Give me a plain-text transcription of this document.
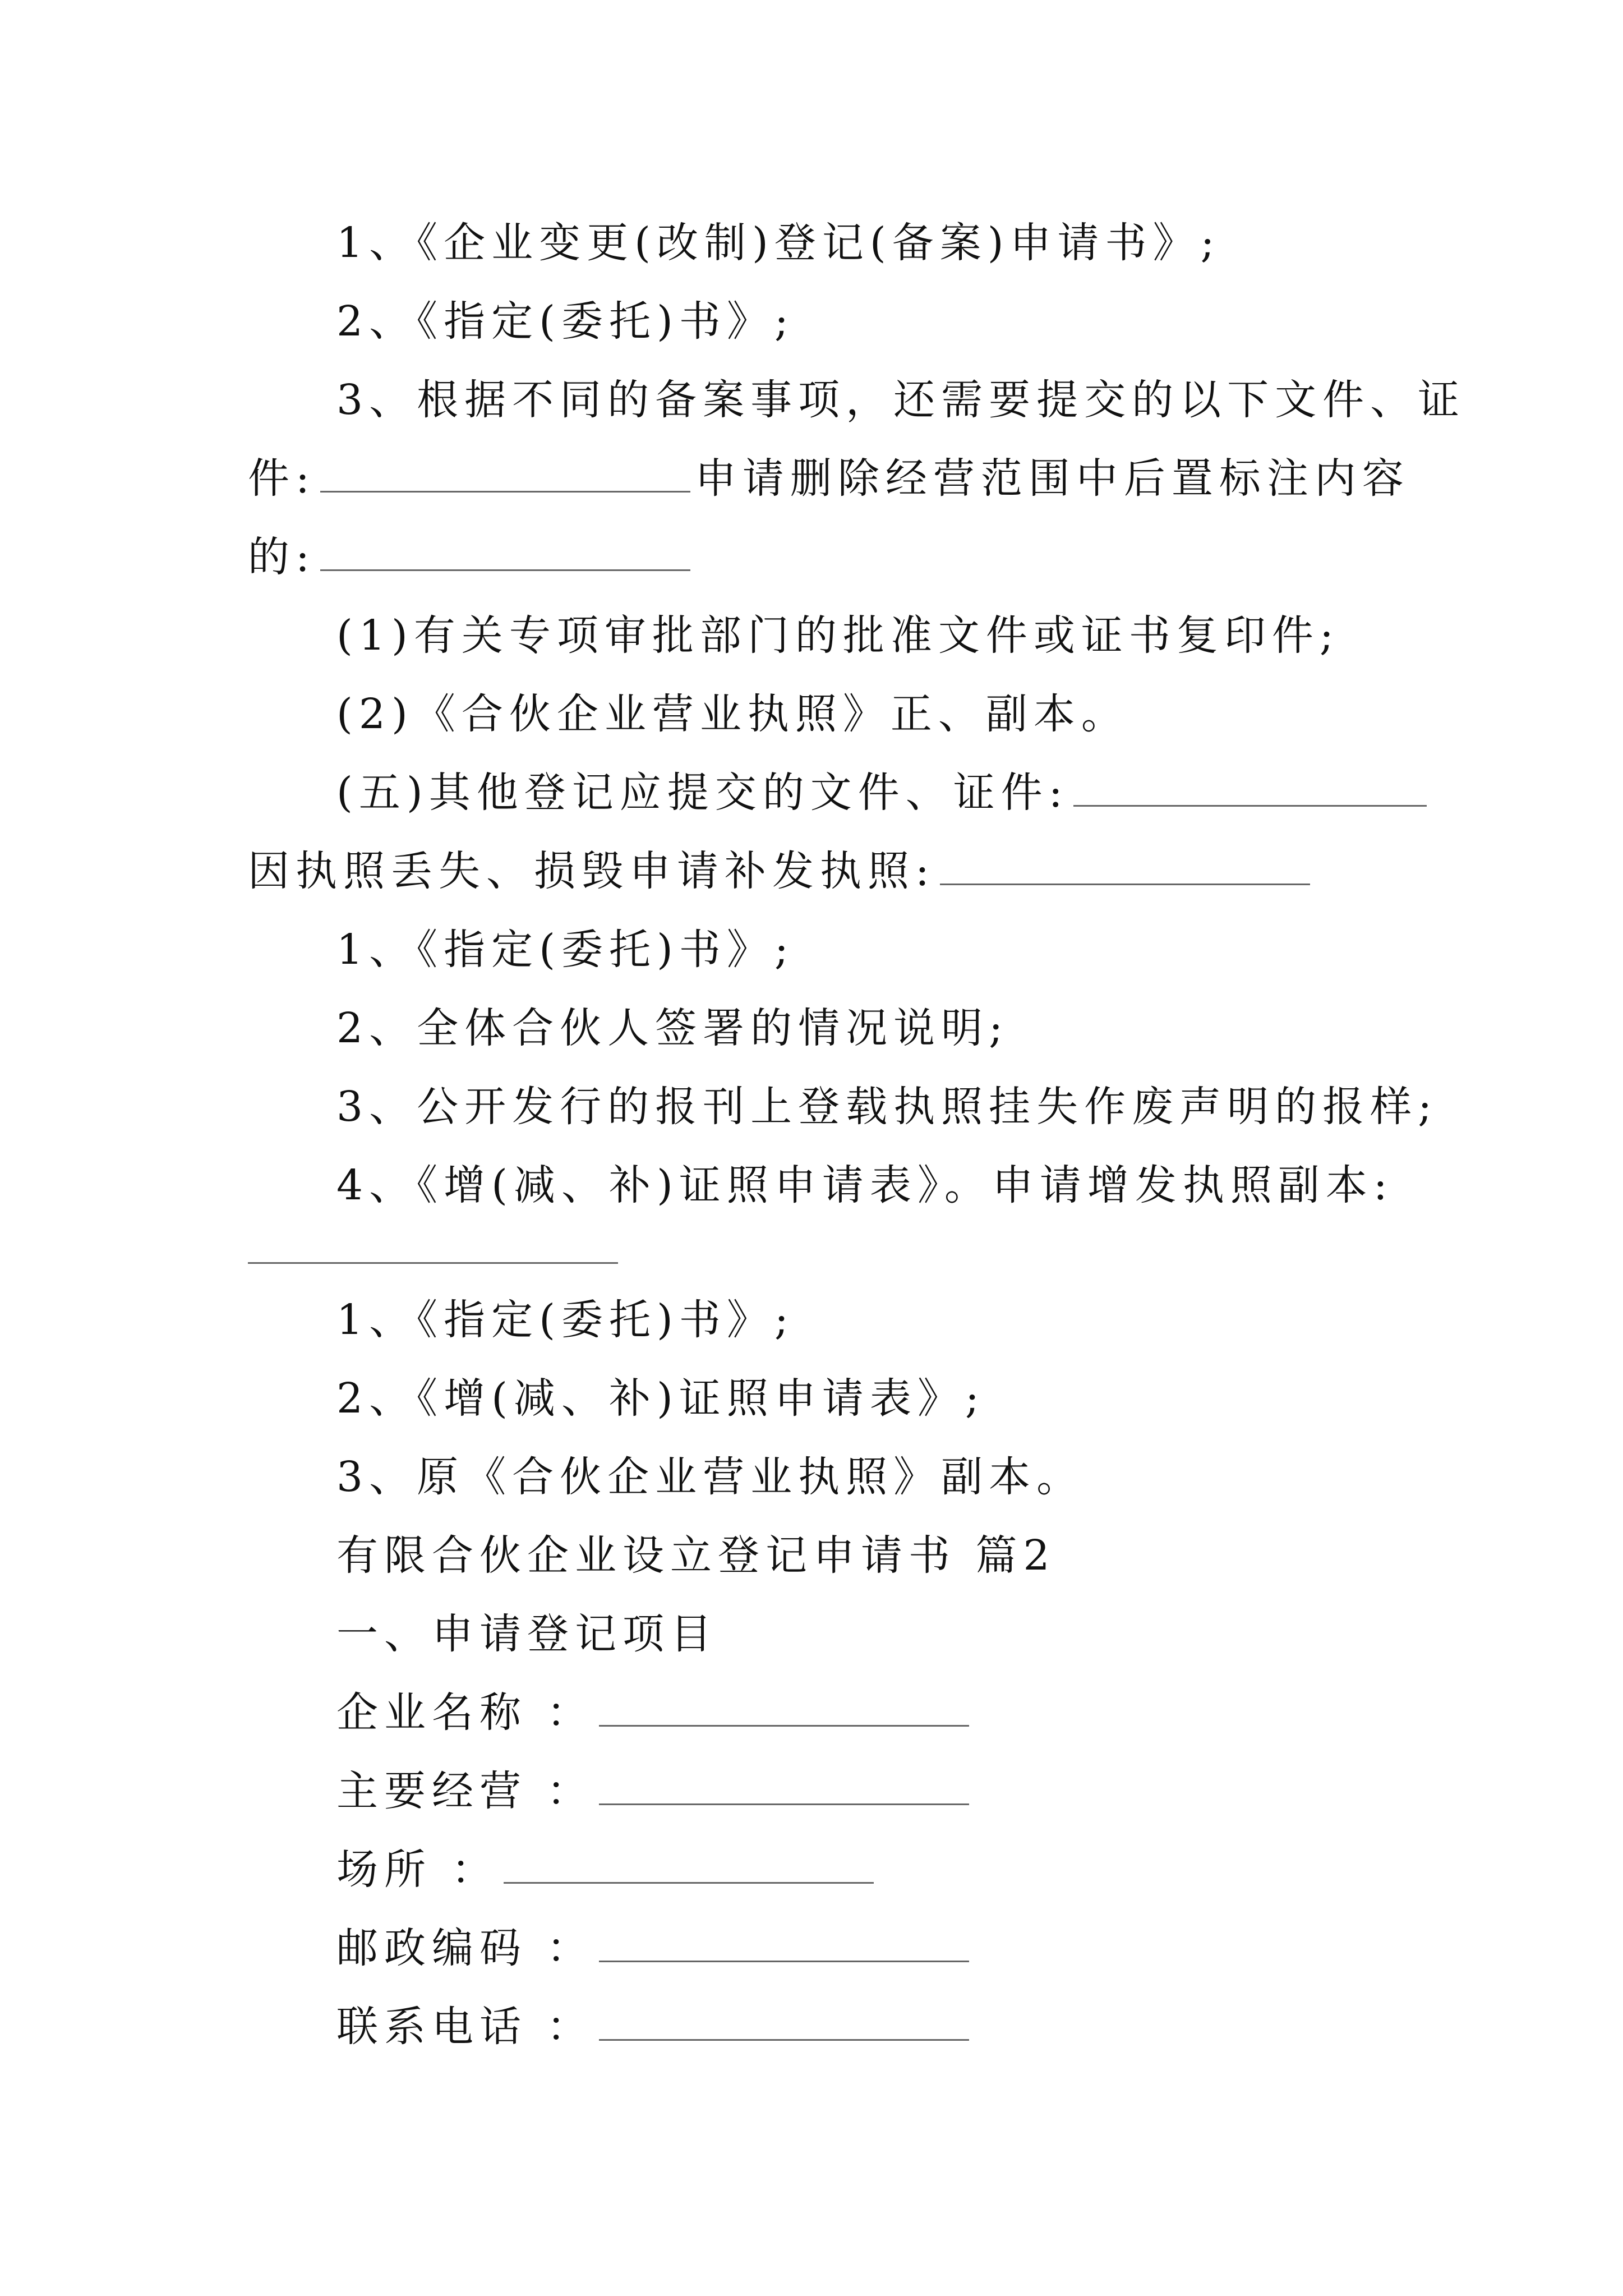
1、《企业变更(改制)登记(备案)申请书》;
2、《指定(委托)书》;
3、根据不同的备案事项，还需要提交的以下文件、证
件:	申请删除经营范围中后置标注内容
的:
(1)有关专项审批部门的批准文件或证书复印件;
(2)《合伙企业营业执照》正、副本。
(五)其他登记应提交的文件、证件:
因执照丢失、损毁申请补发执照:
1、《指定(委托)书》;
2、全体合伙人签署的情况说明;
3、公开发行的报刊上登载执照挂失作废声明的报样;
4、《增(减、补)证照申请表》。申请增发执照副本:
1、《指定(委托)书》;
2、《增(减、补)证照申请表》;
3、原《合伙企业营业执照》副本。
有限合伙企业设立登记申请书 篇2
一、申请登记项目
企业名称 ：
主要经营 ：
场所 ：
邮政编码 ：
联系电话 ：
